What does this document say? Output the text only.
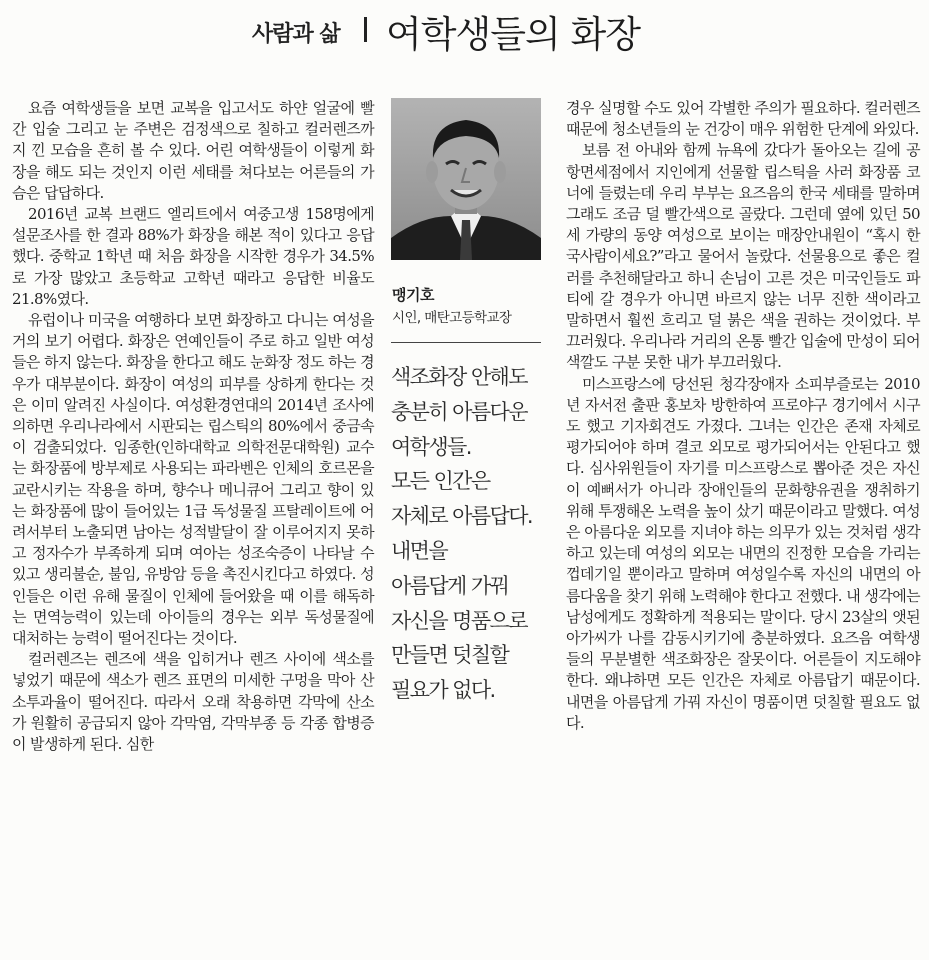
사람과 삶 여학생들의 화장

요즘 여학생들을 보면 교복을 입고서도 하얀 얼굴에 빨간 입술 그리고 눈 주변은 검정색으로 칠하고 컬러렌즈까지 낀 모습을 흔히 볼 수 있다. 어린 여학생들이 이렇게 화장을 해도 되는 것인지 이런 세태를 쳐다보는 어른들의 가슴은 답답하다.

2016년 교복 브랜드 엘리트에서 여중고생 158명에게 설문조사를 한 결과 88%가 화장을 해본 적이 있다고 응답했다. 중학교 1학년 때 처음 화장을 시작한 경우가 34.5%로 가장 많았고 초등학교 고학년 때라고 응답한 비율도 21.8%였다.

유럽이나 미국을 여행하다 보면 화장하고 다니는 여성을 거의 보기 어렵다. 화장은 연예인들이 주로 하고 일반 여성들은 하지 않는다. 화장을 한다고 해도 눈화장 정도 하는 경우가 대부분이다. 화장이 여성의 피부를 상하게 한다는 것은 이미 알려진 사실이다. 여성환경연대의 2014년 조사에 의하면 우리나라에서 시판되는 립스틱의 80%에서 중금속이 검출되었다. 임종한(인하대학교 의학전문대학원) 교수는 화장품에 방부제로 사용되는 파라벤은 인체의 호르몬을 교란시키는 작용을 하며, 향수나 메니큐어 그리고 향이 있는 화장품에 많이 들어있는 1급 독성물질 프탈레이트에 어려서부터 노출되면 남아는 성적발달이 잘 이루어지지 못하고 정자수가 부족하게 되며 여아는 성조숙증이 나타날 수 있고 생리불순, 불임, 유방암 등을 촉진시킨다고 하였다. 성인들은 이런 유해 물질이 인체에 들어왔을 때 이를 해독하는 면역능력이 있는데 아이들의 경우는 외부 독성물질에 대처하는 능력이 떨어진다는 것이다.

컬러렌즈는 렌즈에 색을 입히거나 렌즈 사이에 색소를 넣었기 때문에 색소가 렌즈 표면의 미세한 구멍을 막아 산소투과율이 떨어진다. 따라서 오래 착용하면 각막에 산소가 원활히 공급되지 않아 각막염, 각막부종 등 각종 합병증이 발생하게 된다. 심한

맹기호
시인, 매탄고등학교장
색조화장 안해도
충분히 아름다운
여학생들.
모든 인간은
자체로 아름답다.
내면을
아름답게 가꿔
자신을 명품으로
만들면 덧칠할
필요가 없다.

경우 실명할 수도 있어 각별한 주의가 필요하다. 컬러렌즈 때문에 청소년들의 눈 건강이 매우 위험한 단계에 와있다.

보름 전 아내와 함께 뉴욕에 갔다가 돌아오는 길에 공항면세점에서 지인에게 선물할 립스틱을 사러 화장품 코너에 들렸는데 우리 부부는 요즈음의 한국 세태를 말하며 그래도 조금 덜 빨간색으로 골랐다. 그런데 옆에 있던 50세 가량의 동양 여성으로 보이는 매장안내원이 “혹시 한국사람이세요?”라고 물어서 놀랐다. 선물용으로 좋은 컬러를 추천해달라고 하니 손님이 고른 것은 미국인들도 파티에 갈 경우가 아니면 바르지 않는 너무 진한 색이라고 말하면서 훨씬 흐리고 덜 붉은 색을 권하는 것이었다. 부끄러웠다. 우리나라 거리의 온통 빨간 입술에 만성이 되어 색깔도 구분 못한 내가 부끄러웠다.

미스프랑스에 당선된 청각장애자 소피부즐로는 2010년 자서전 출판 홍보차 방한하여 프로야구 경기에서 시구도 했고 기자회견도 가졌다. 그녀는 인간은 존재 자체로 평가되어야 하며 결코 외모로 평가되어서는 안된다고 했다. 심사위원들이 자기를 미스프랑스로 뽑아준 것은 자신이 예뻐서가 아니라 장애인들의 문화향유권을 쟁취하기 위해 투쟁해온 노력을 높이 샀기 때문이라고 말했다. 여성은 아름다운 외모를 지녀야 하는 의무가 있는 것처럼 생각하고 있는데 여성의 외모는 내면의 진정한 모습을 가리는 껍데기일 뿐이라고 말하며 여성일수록 자신의 내면의 아름다움을 찾기 위해 노력해야 한다고 전했다. 내 생각에는 남성에게도 정확하게 적용되는 말이다. 당시 23살의 앳된 아가씨가 나를 감동시키기에 충분하였다. 요즈음 여학생들의 무분별한 색조화장은 잘못이다. 어른들이 지도해야 한다. 왜냐하면 모든 인간은 자체로 아름답기 때문이다. 내면을 아름답게 가꿔 자신이 명품이면 덧칠할 필요도 없다.
